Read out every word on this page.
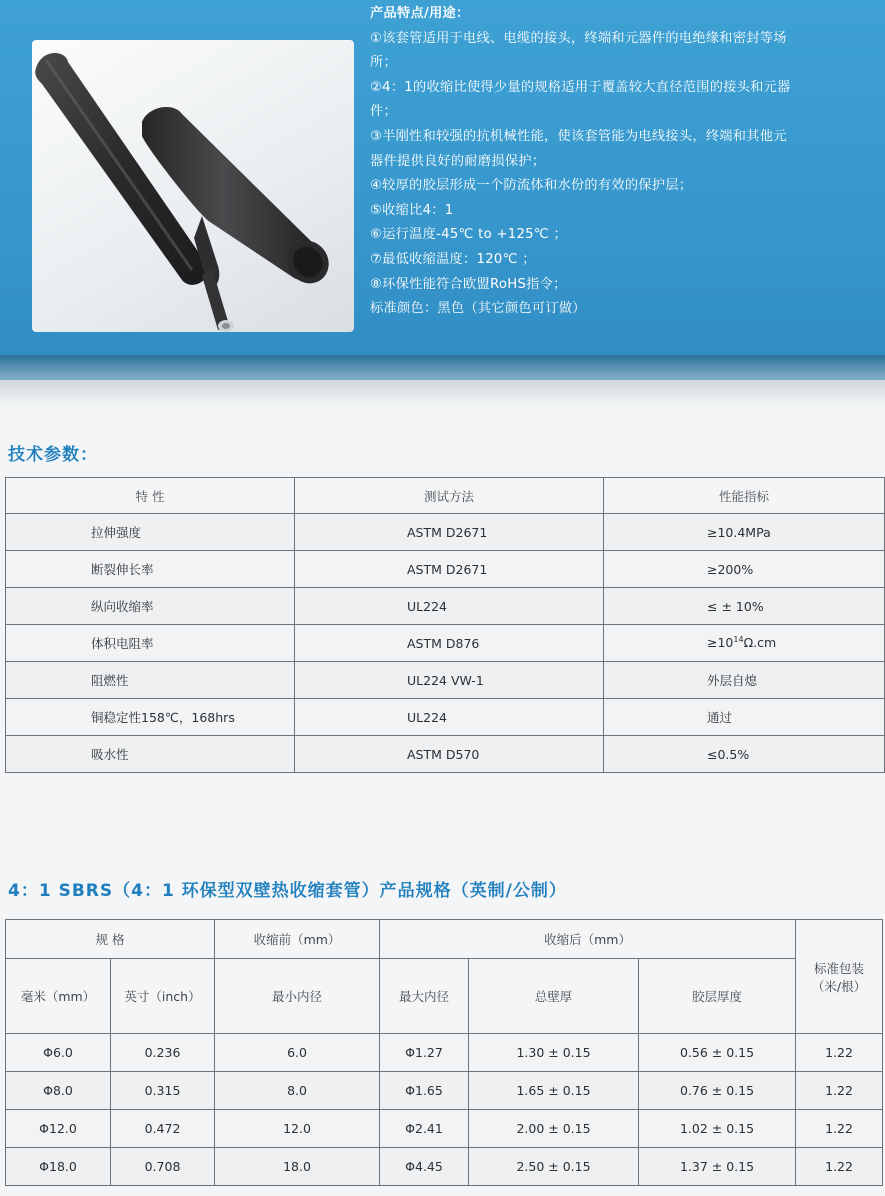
产品特点/用途：
①该套管适用于电线、电缆的接头，终端和元器件的电绝缘和密封等场
所；
②4：1的收缩比使得少量的规格适用于覆盖较大直径范围的接头和元器
件；
③半刚性和较强的抗机械性能，使该套管能为电线接头，终端和其他元
器件提供良好的耐磨损保护；
④较厚的胶层形成一个防流体和水份的有效的保护层；
⑤收缩比4：1
⑥运行温度-45℃ to +125℃ ；
⑦最低收缩温度：120℃ ；
⑧环保性能符合欧盟RoHS指令；
标准颜色：黑色（其它颜色可订做）
技术参数：
特 性	测试方法	性能指标
拉伸强度	ASTM D2671	≥10.4MPa
断裂伸长率	ASTM D2671	≥200%
纵向收缩率	UL224	≤ ± 10%
体积电阻率	ASTM D876	$\ge 10^{14}\Omega.cm$
阻燃性	UL224 VW-1	外层自熄
铜稳定性158℃，168hrs	UL224	通过
吸水性	ASTM D570	≤0.5%
4：1 SBRS（4：1 环保型双壁热收缩套管）产品规格（英制/公制）
规 格		收缩前（mm）	收缩后（mm）			标准包装（米/根）
毫米（mm）	英寸（inch）	最小内径	最大内径	总壁厚	胶层厚度	
Φ6.0	0.236	6.0	Φ1.27	1.30 ± 0.15	0.56 ± 0.15	1.22
Φ8.0	0.315	8.0	Φ1.65	1.65 ± 0.15	0.76 ± 0.15	1.22
Φ12.0	0.472	12.0	Φ2.41	2.00 ± 0.15	1.02 ± 0.15	1.22
Φ18.0	0.708	18.0	Φ4.45	2.50 ± 0.15	1.37 ± 0.15	1.22
